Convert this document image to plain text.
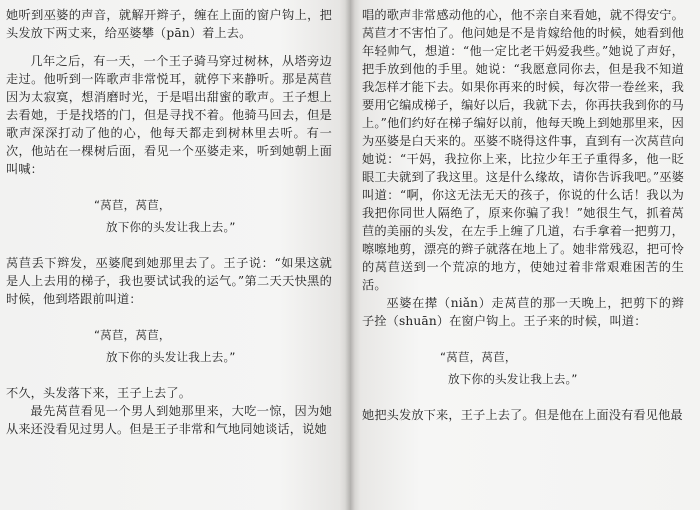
她听到巫婆的声音，就解开辫子，缠在上面的窗户钩上，把头发放下两丈来，给巫婆攀（pān）着上去。

几年之后，有一天，一个王子骑马穿过树林，从塔旁边走过。他听到一阵歌声非常悦耳，就停下来静听。那是莴苣因为太寂寞，想消磨时光，于是唱出甜蜜的歌声。王子想上去看她，于是找塔的门，但是寻找不着。他骑马回去，但是歌声深深打动了他的心，他每天都走到树林里去听。有一次，他站在一棵树后面，看见一个巫婆走来，听到她朝上面叫喊：

“莴苣，莴苣，
放下你的头发让我上去。”

莴苣丢下辫发，巫婆爬到她那里去了。王子说：“如果这就是人上去用的梯子，我也要试试我的运气。”第二天天快黑的时候，他到塔跟前叫道：

“莴苣，莴苣，
放下你的头发让我上去。”

不久，头发落下来，王子上去了。

最先莴苣看见一个男人到她那里来，大吃一惊，因为她从来还没看见过男人。但是王子非常和气地同她谈话，说她

唱的歌声非常感动他的心，他不亲自来看她，就不得安宁。莴苣才不害怕了。他问她是不是肯嫁给他的时候，她看到他年轻帅气，想道：“他一定比老干妈爱我些。”她说了声好，把手放到他的手里。她说：“我愿意同你去，但是我不知道我怎样才能下去。如果你再来的时候，每次带一卷丝来，我要用它编成梯子，编好以后，我就下去，你再扶我到你的马上。”他们约好在梯子编好以前，他每天晚上到她那里来，因为巫婆是白天来的。巫婆不晓得这件事，直到有一次莴苣向她说：“干妈，我拉你上来，比拉少年王子重得多，他一眨眼工夫就到了我这里。这是什么缘故，请你告诉我吧。”巫婆叫道：“啊，你这无法无天的孩子，你说的什么话！我以为我把你同世人隔绝了，原来你骗了我！”她很生气，抓着莴苣的美丽的头发，在左手上缠了几道，右手拿着一把剪刀，嚓嚓地剪，漂亮的辫子就落在地上了。她非常残忍，把可怜的莴苣送到一个荒凉的地方，使她过着非常艰难困苦的生活。

巫婆在撵（niǎn）走莴苣的那一天晚上，把剪下的辫子拴（shuān）在窗户钩上。王子来的时候，叫道：

“莴苣，莴苣，
放下你的头发让我上去。”

她把头发放下来，王子上去了。但是他在上面没有看见他最
